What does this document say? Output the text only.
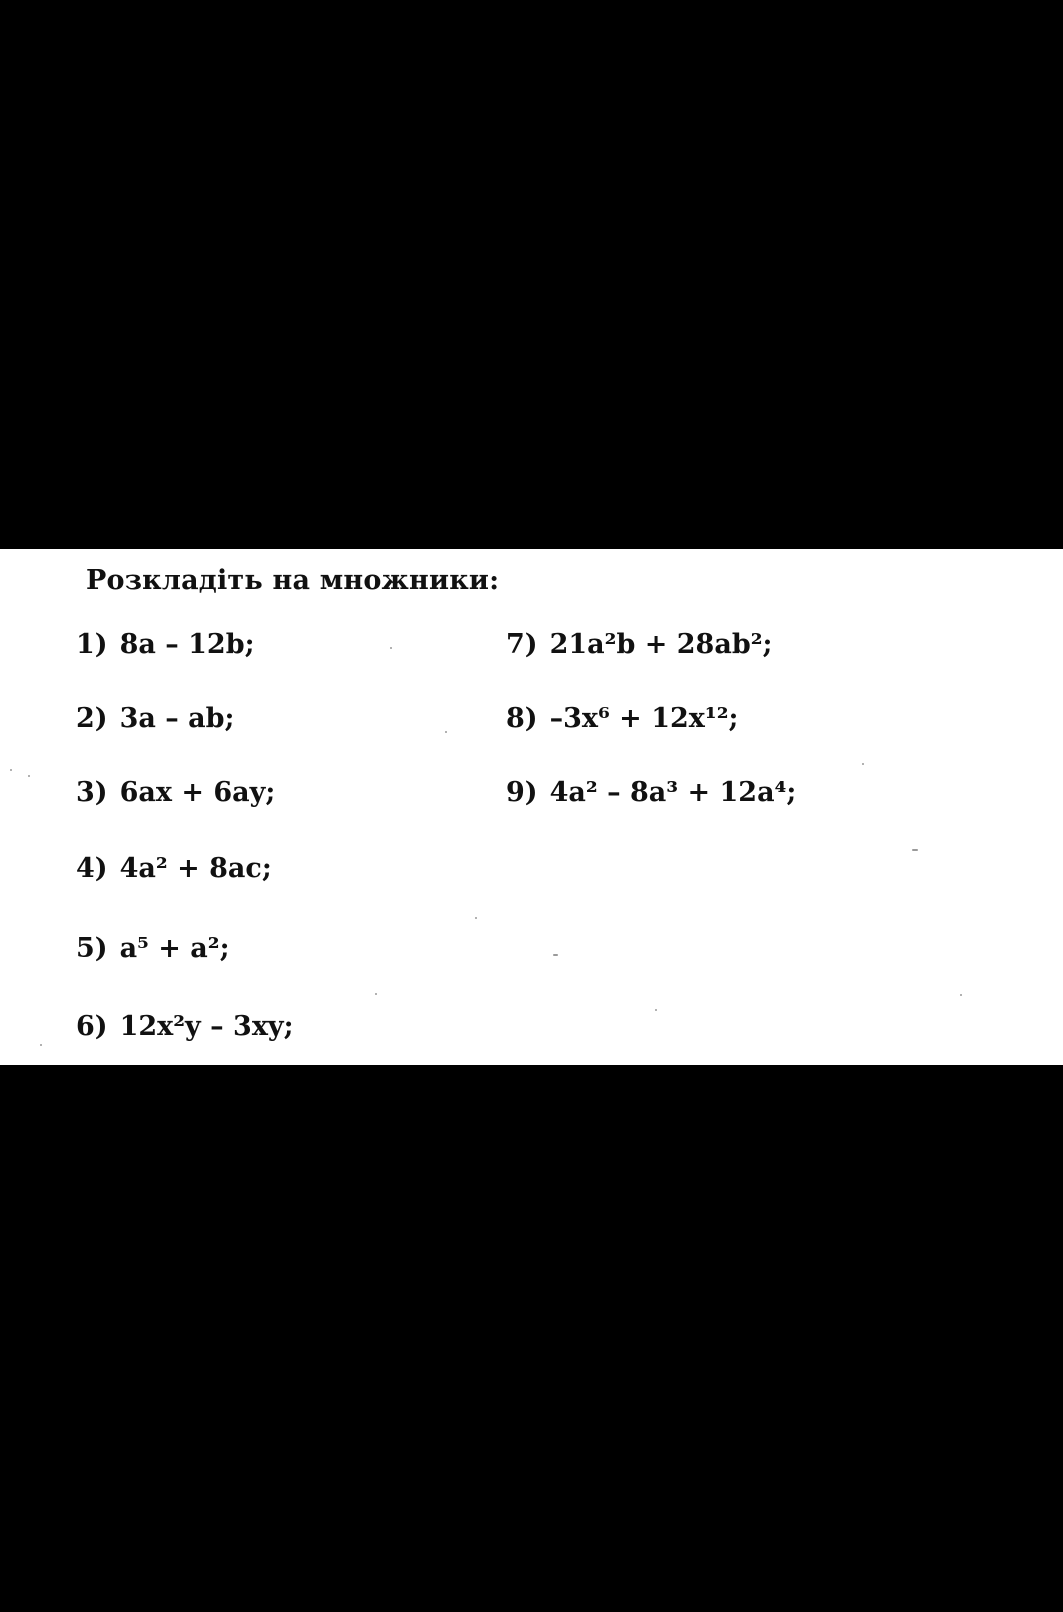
Розкладіть на множники:
1) 8a – 12b;
2) 3a – ab;
3) 6ax + 6ay;
4) 4a² + 8ac;
5) a⁵ + a²;
6) 12x²y – 3xy;
7) 21a²b + 28ab²;
8) –3x⁶ + 12x¹²;
9) 4a² – 8a³ + 12a⁴;
